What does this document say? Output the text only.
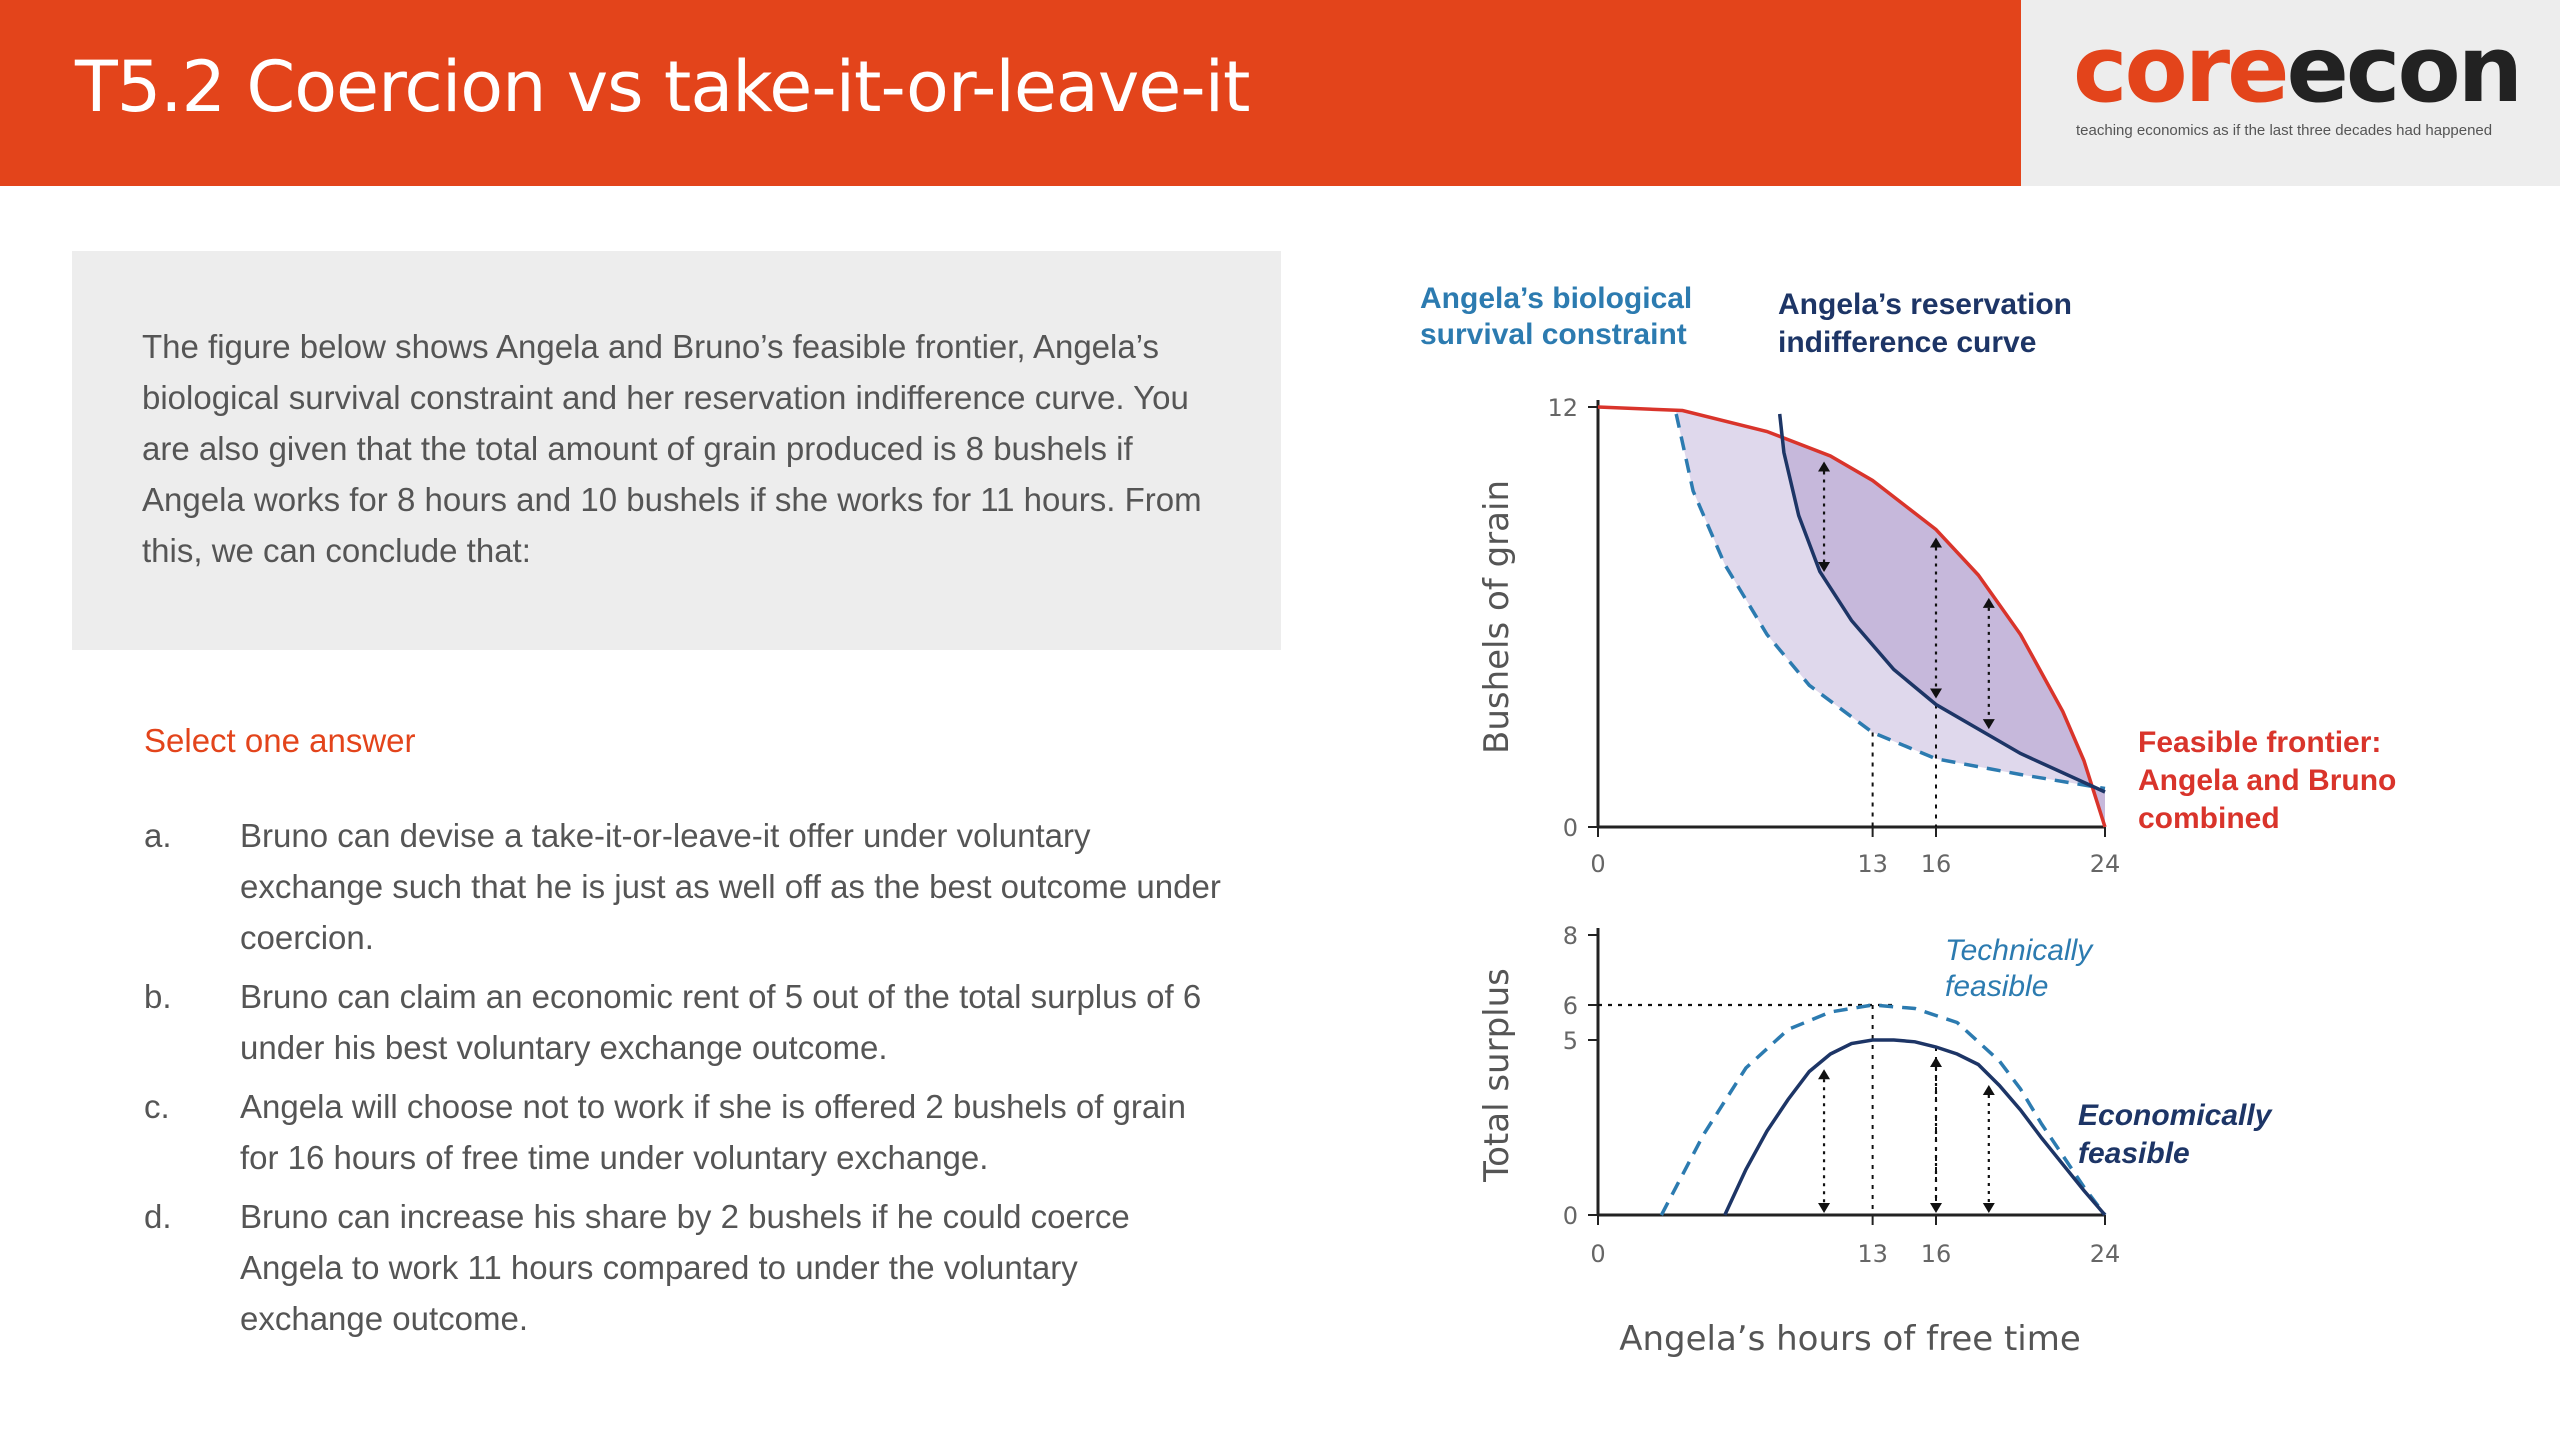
T5.2 Coercion vs take-it-or-leave-it	coreecon
teaching economics as if the last three decades had happened

The figure below shows Angela and Bruno’s feasible frontier, Angela’s biological survival constraint and her reservation indifference curve. You are also given that the total amount of grain produced is 8 bushels if Angela works for 8 hours and 10 bushels if she works for 11 hours. From this, we can conclude that:

Select one answer
a. Bruno can devise a take-it-or-leave-it offer under voluntary exchange such that he is just as well off as the best outcome under coercion.
b. Bruno can claim an economic rent of 5 out of the total surplus of 6 under his best voluntary exchange outcome.
c. Angela will choose not to work if she is offered 2 bushels of grain for 16 hours of free time under voluntary exchange.
d. Bruno can increase his share by 2 bushels if he could coerce Angela to work 11 hours compared to under the voluntary exchange outcome.
0
12
0	13 16	24
Bushels of grain
Angela’s biological
survival constraint
Angela’s reservation
indifference curve
Feasible frontier:
Angela and Bruno
combined
0
5
6
8
0	13 16	24
Total surplus
Angela’s hours of free time
Technically
feasible
Economically
feasible
